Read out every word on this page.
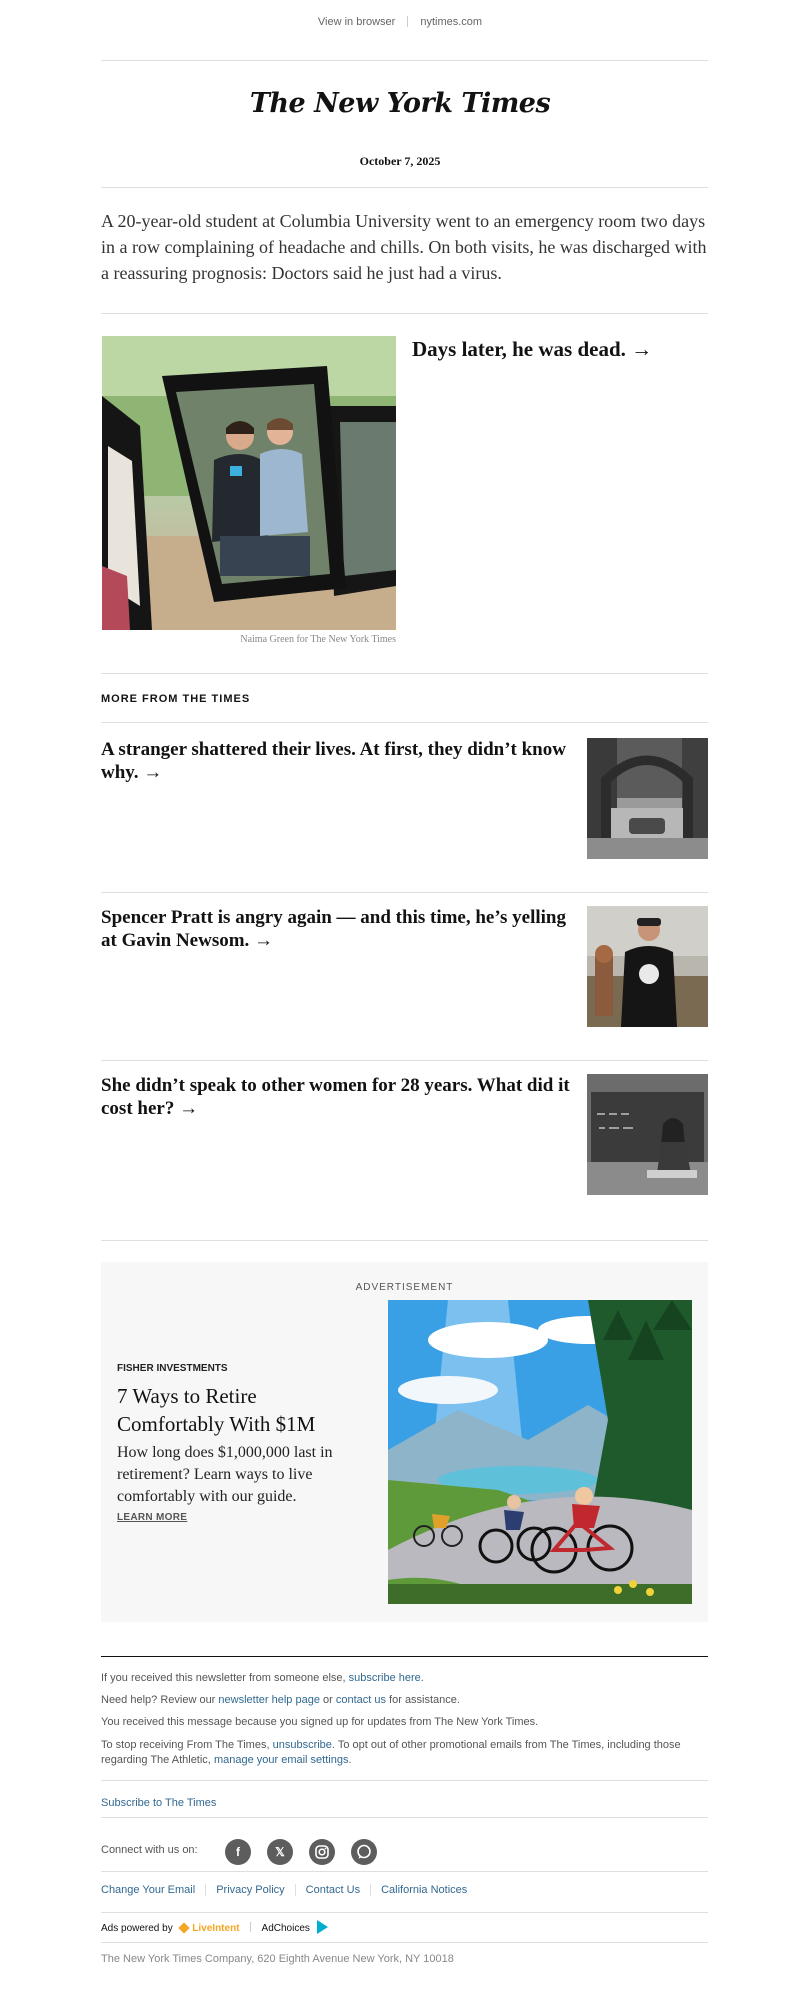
View in browser nytimes.com
The New York Times
October 7, 2025
A 20-year-old student at Columbia University went to an emergency room two days in a row complaining of headache and chills. On both visits, he was discharged with a reassuring prognosis: Doctors said he just had a virus.
Naima Green for The New York Times
Days later, he was dead. →
MORE FROM THE TIMES
A stranger shattered their lives. At first, they didn’t know why. →
Spencer Pratt is angry again — and this time, he’s yelling at Gavin Newsom. →
She didn’t speak to other women for 28 years. What did it cost her? →
ADVERTISEMENT
FISHER INVESTMENTS
7 Ways to Retire Comfortably With $1M
How long does $1,000,000 last in retirement? Learn ways to live comfortably with our guide.
LEARN MORE
If you received this newsletter from someone else, subscribe here.
Need help? Review our newsletter help page or contact us for assistance.
You received this message because you signed up for updates from The New York Times.
To stop receiving From The Times, unsubscribe. To opt out of other promotional emails from The Times, including those regarding The Athletic, manage your email settings.
Subscribe to The Times
Connect with us on:	f	𝕏
Change Your Email Privacy Policy Contact Us California Notices
Ads powered by LiveIntent AdChoices
The New York Times Company, 620 Eighth Avenue New York, NY 10018
